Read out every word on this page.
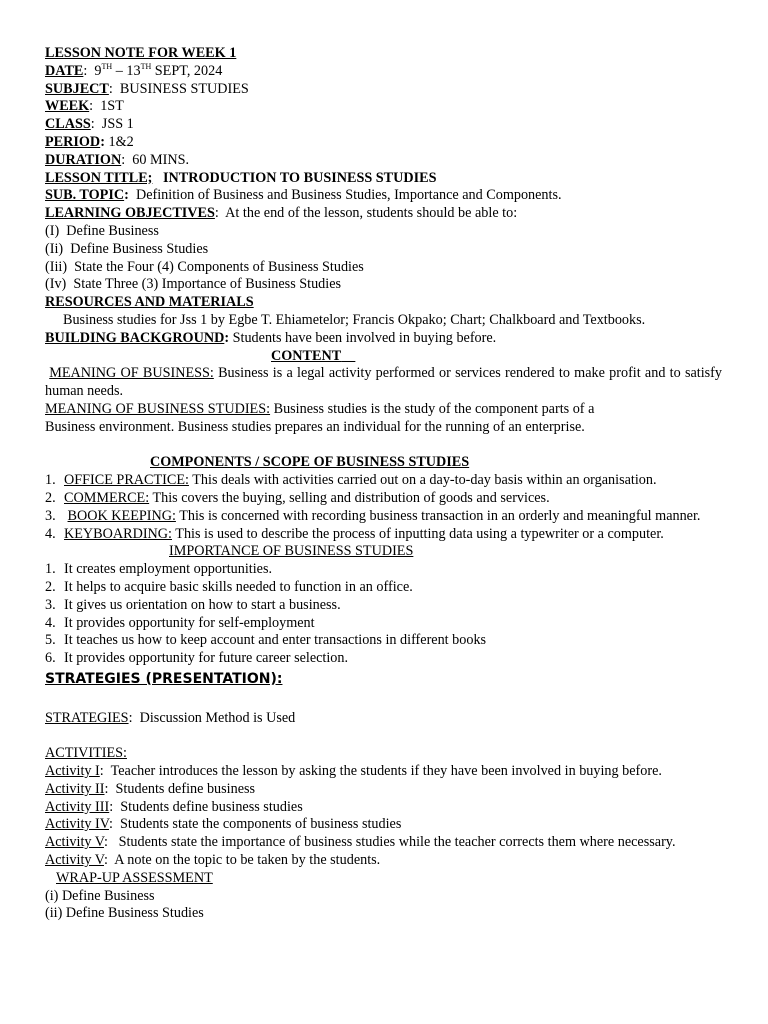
LESSON NOTE FOR WEEK 1
DATE:  9TH – 13TH SEPT, 2024
SUBJECT:  BUSINESS STUDIES
WEEK:  1ST
CLASS:  JSS 1
PERIOD: 1&2
DURATION:  60 MINS.
LESSON TITLE; INTRODUCTION TO BUSINESS STUDIES
SUB. TOPIC: Definition of Business and Business Studies, Importance and Components.
LEARNING OBJECTIVES:  At the end of the lesson, students should be able to:
(I) Define Business
(Ii) Define Business Studies
(Iii) State the Four (4) Components of Business Studies
(Iv) State Three (3) Importance of Business Studies
RESOURCES AND MATERIALS
Business studies for Jss 1 by Egbe T. Ehiametelor; Francis Okpako; Chart; Chalkboard and Textbooks.
BUILDING BACKGROUND: Students have been involved in buying before.
CONTENT
MEANING OF BUSINESS: Business is a legal activity performed or services rendered to make profit and to satisfy human needs.
MEANING OF BUSINESS STUDIES: Business studies is the study of the component parts of a
Business environment. Business studies prepares an individual for the running of an enterprise.
COMPONENTS / SCOPE OF BUSINESS STUDIES
1. OFFICE PRACTICE: This deals with activities carried out on a day-to-day basis within an organisation.
2. COMMERCE: This covers the buying, selling and distribution of goods and services.
3. BOOK KEEPING: This is concerned with recording business transaction in an orderly and meaningful manner.
4. KEYBOARDING: This is used to describe the process of inputting data using a typewriter or a computer.
IMPORTANCE OF BUSINESS STUDIES
1. It creates employment opportunities.
2. It helps to acquire basic skills needed to function in an office.
3. It gives us orientation on how to start a business.
4. It provides opportunity for self-employment
5. It teaches us how to keep account and enter transactions in different books
6. It provides opportunity for future career selection.
STRATEGIES (PRESENTATION):
STRATEGIES:  Discussion Method is Used
ACTIVITIES:
Activity I:  Teacher introduces the lesson by asking the students if they have been involved in buying before.
Activity II:  Students define business
Activity III:  Students define business studies
Activity IV:  Students state the components of business studies
Activity V:   Students state the importance of business studies while the teacher corrects them where necessary.
Activity V:  A note on the topic to be taken by the students.
WRAP-UP ASSESSMENT
(i) Define Business
(ii) Define Business Studies
